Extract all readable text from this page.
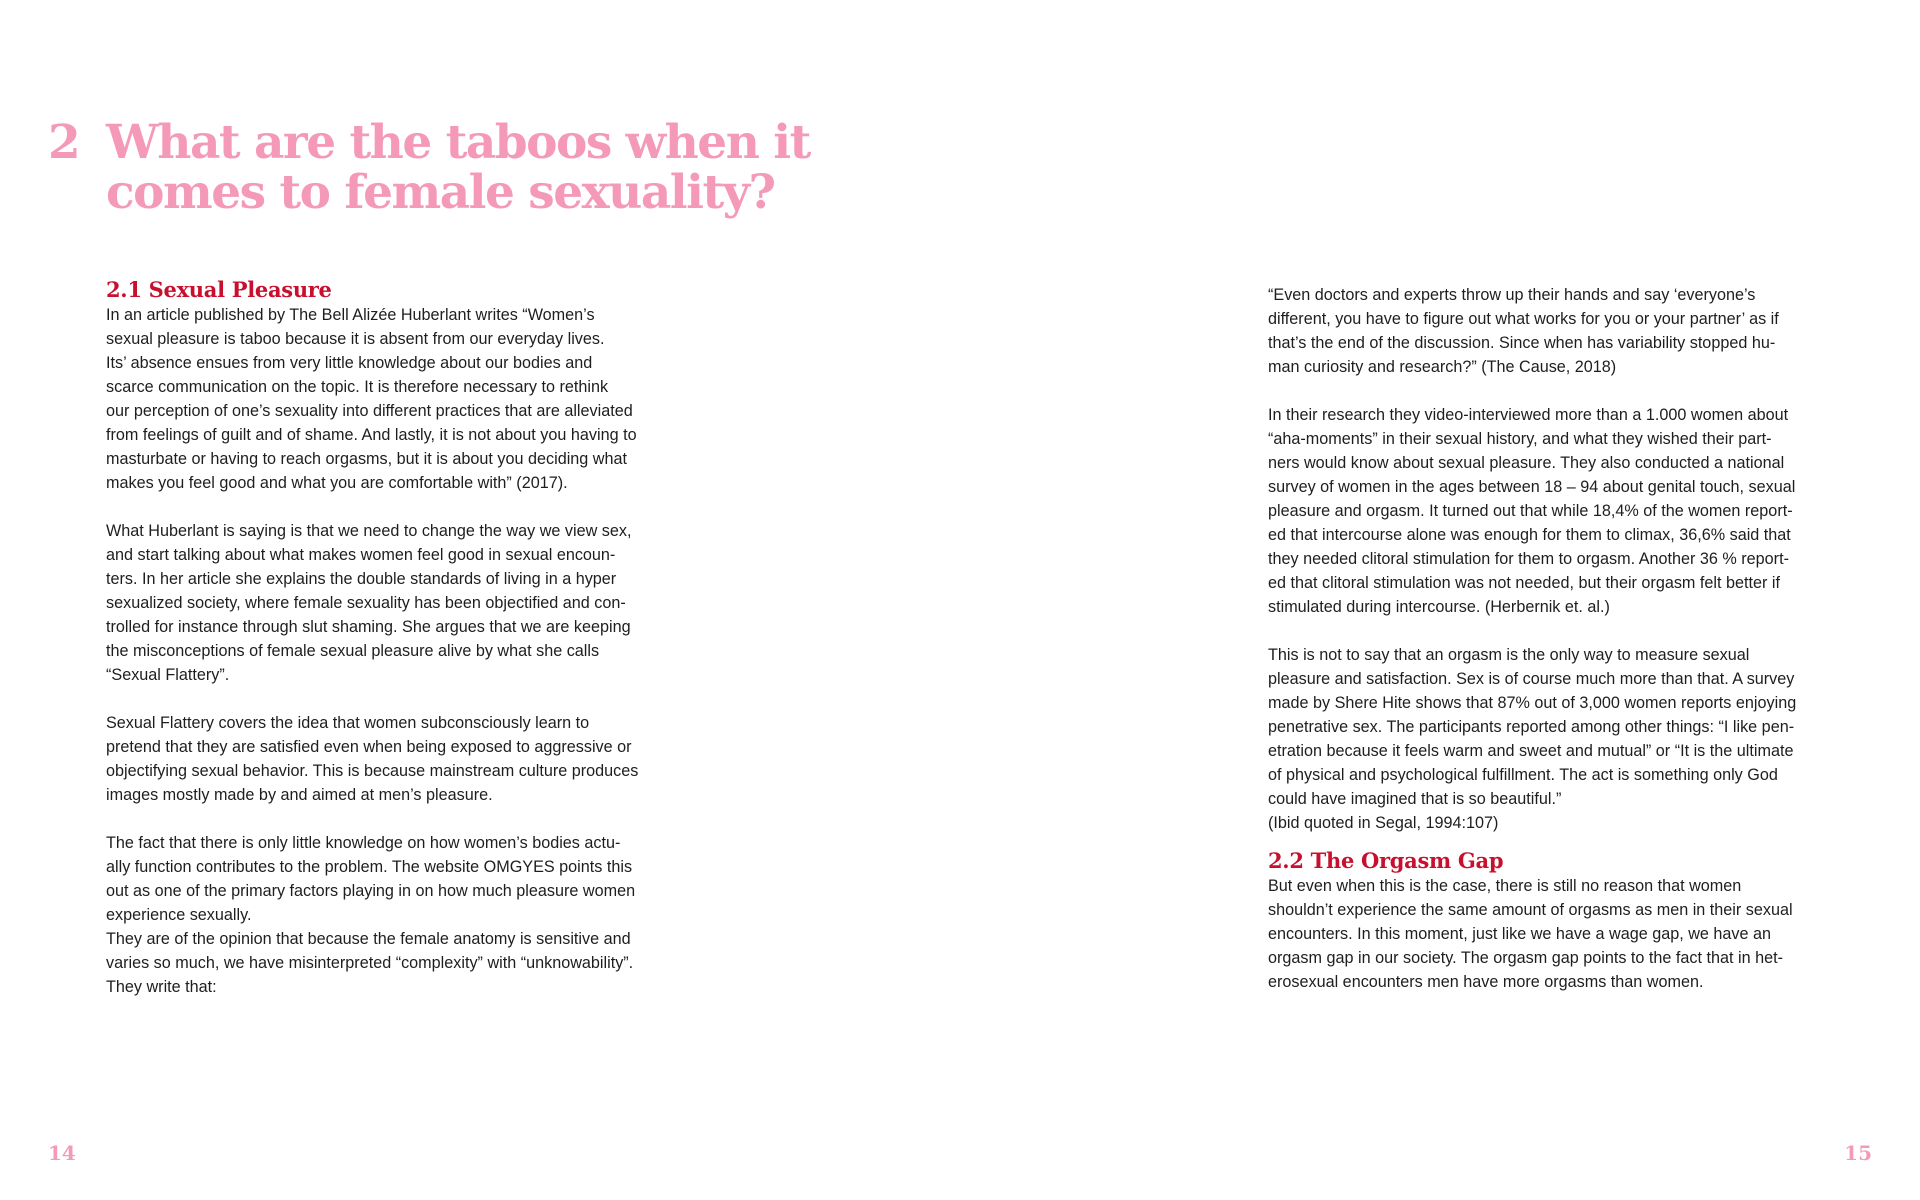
2 What are the taboos when it
comes to female sexuality?
2.1 Sexual Pleasure

In an article published by The Bell Alizée Huberlant writes “Women’s
sexual pleasure is taboo because it is absent from our everyday lives.
Its’ absence ensues from very little knowledge about our bodies and
scarce communication on the topic. It is therefore necessary to rethink
our perception of one’s sexuality into different practices that are alleviated
from feelings of guilt and of shame. And lastly, it is not about you having to
masturbate or having to reach orgasms, but it is about you deciding what
makes you feel good and what you are comfortable with” (2017).

What Huberlant is saying is that we need to change the way we view sex,
and start talking about what makes women feel good in sexual encoun-
ters. In her article she explains the double standards of living in a hyper
sexualized society, where female sexuality has been objectified and con-
trolled for instance through slut shaming. She argues that we are keeping
the misconceptions of female sexual pleasure alive by what she calls
“Sexual Flattery”.

Sexual Flattery covers the idea that women subconsciously learn to
pretend that they are satisfied even when being exposed to aggressive or
objectifying sexual behavior. This is because mainstream culture produces
images mostly made by and aimed at men’s pleasure.

The fact that there is only little knowledge on how women’s bodies actu-
ally function contributes to the problem. The website OMGYES points this
out as one of the primary factors playing in on how much pleasure women
experience sexually.
They are of the opinion that because the female anatomy is sensitive and
varies so much, we have misinterpreted “complexity” with “unknowability”.
They write that:

“Even doctors and experts throw up their hands and say ‘everyone’s
different, you have to figure out what works for you or your partner’ as if
that’s the end of the discussion. Since when has variability stopped hu-
man curiosity and research?” (The Cause, 2018)

In their research they video-interviewed more than a 1.000 women about
“aha-moments” in their sexual history, and what they wished their part-
ners would know about sexual pleasure. They also conducted a national
survey of women in the ages between 18 – 94 about genital touch, sexual
pleasure and orgasm. It turned out that while 18,4% of the women report-
ed that intercourse alone was enough for them to climax, 36,6% said that
they needed clitoral stimulation for them to orgasm. Another 36 % report-
ed that clitoral stimulation was not needed, but their orgasm felt better if
stimulated during intercourse. (Herbernik et. al.)

This is not to say that an orgasm is the only way to measure sexual
pleasure and satisfaction. Sex is of course much more than that. A survey
made by Shere Hite shows that 87% out of 3,000 women reports enjoying
penetrative sex. The participants reported among other things: “I like pen-
etration because it feels warm and sweet and mutual” or “It is the ultimate
of physical and psychological fulfillment. The act is something only God
could have imagined that is so beautiful.”
(Ibid quoted in Segal, 1994:107)

2.2 The Orgasm Gap

But even when this is the case, there is still no reason that women
shouldn’t experience the same amount of orgasms as men in their sexual
encounters. In this moment, just like we have a wage gap, we have an
orgasm gap in our society. The orgasm gap points to the fact that in het-
erosexual encounters men have more orgasms than women.

14	15
